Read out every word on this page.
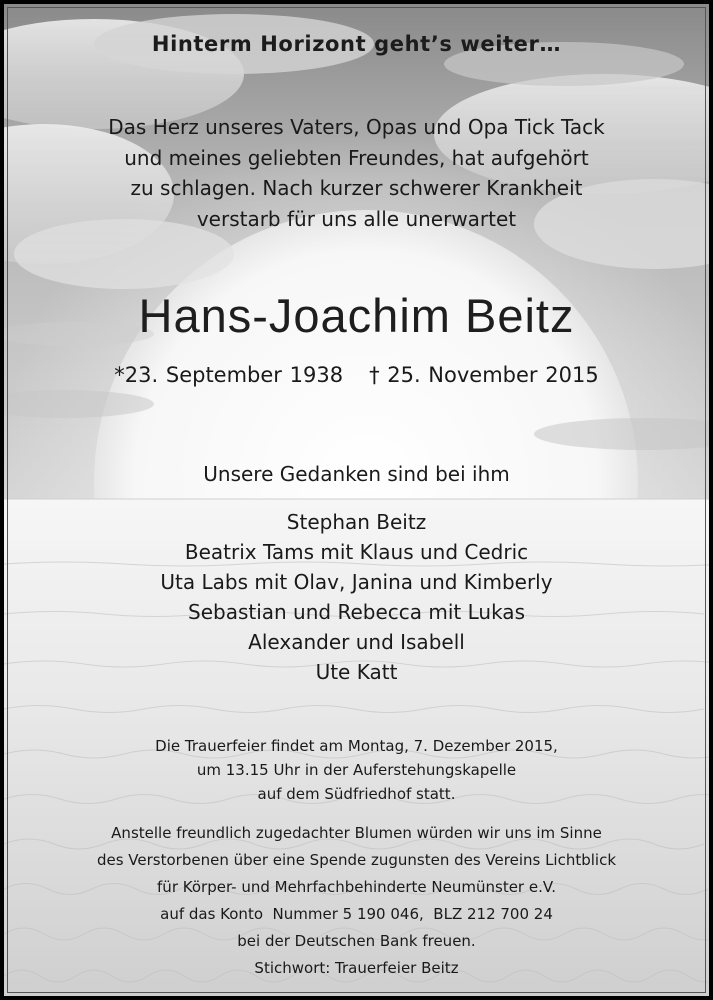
Hinterm Horizont geht’s weiter…
Das Herz unseres Vaters, Opas und Opa Tick Tack
und meines geliebten Freundes, hat aufgehört
zu schlagen. Nach kurzer schwerer Krankheit
verstarb für uns alle unerwartet
Hans-Joachim Beitz
*23. September 1938 † 25. November 2015
Unsere Gedanken sind bei ihm
Stephan Beitz
Beatrix Tams mit Klaus und Cedric
Uta Labs mit Olav, Janina und Kimberly
Sebastian und Rebecca mit Lukas
Alexander und Isabell
Ute Katt
Die Trauerfeier findet am Montag, 7. Dezember 2015,
um 13.15 Uhr in der Auferstehungskapelle
auf dem Südfriedhof statt.
Anstelle freundlich zugedachter Blumen würden wir uns im Sinne
des Verstorbenen über eine Spende zugunsten des Vereins Lichtblick
für Körper- und Mehrfachbehinderte Neumünster e.V.
auf das Konto  Nummer 5 190 046,  BLZ 212 700 24
bei der Deutschen Bank freuen.
Stichwort: Trauerfeier Beitz
